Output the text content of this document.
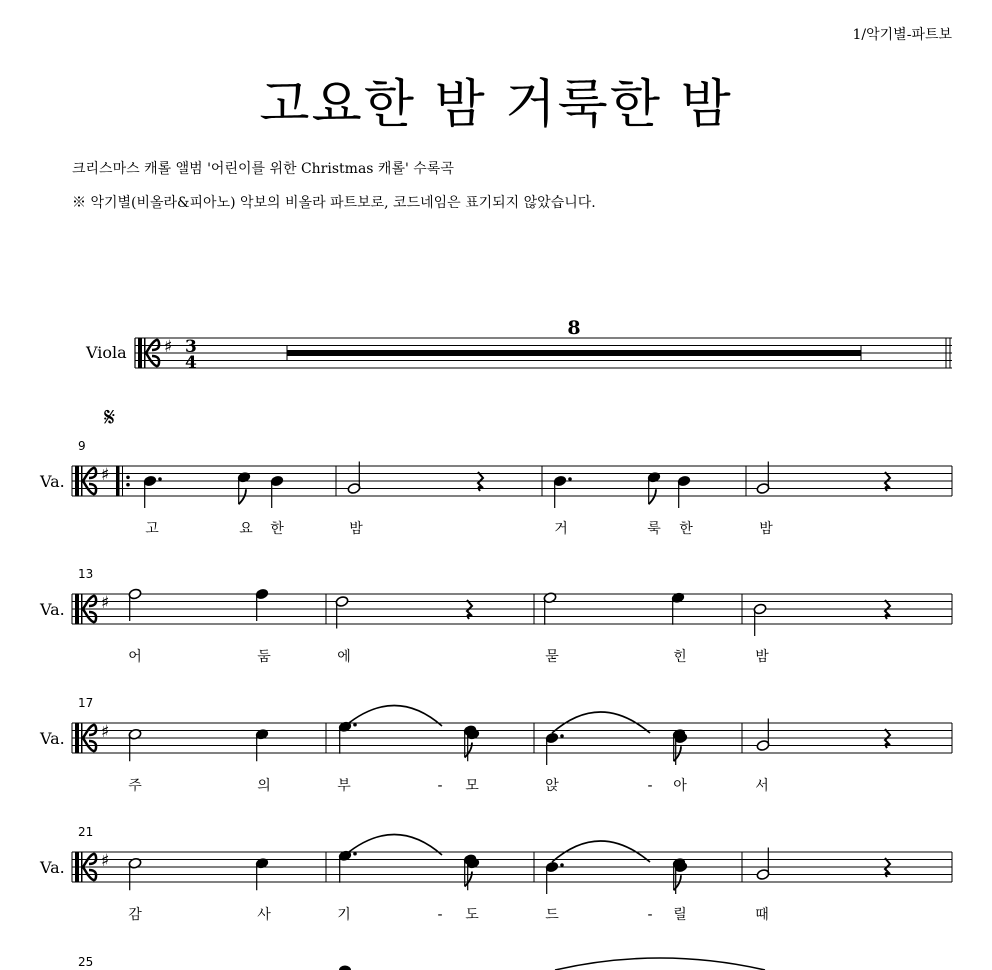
1/악기별-파트보
고요한 밤 거룩한 밤
크리스마스 캐롤 앨범 '어린이를 위한 Christmas 캐롤' 수록곡
※ 악기별(비올라&피아노) 악보의 비올라 파트보로, 코드네임은 표기되지 않았습니다.
Viola ♯ 3
4
8
𝄋
9
Va. ♯
고	요 한	밤	거	룩 한	밤
13
Va. ♯
어	둠	에	묻	힌	밤
17
Va. ♯
주	의	부	- 모	앉	- 아	서
21
Va. ♯
감	사	기	- 도	드	- 릴	때
25
